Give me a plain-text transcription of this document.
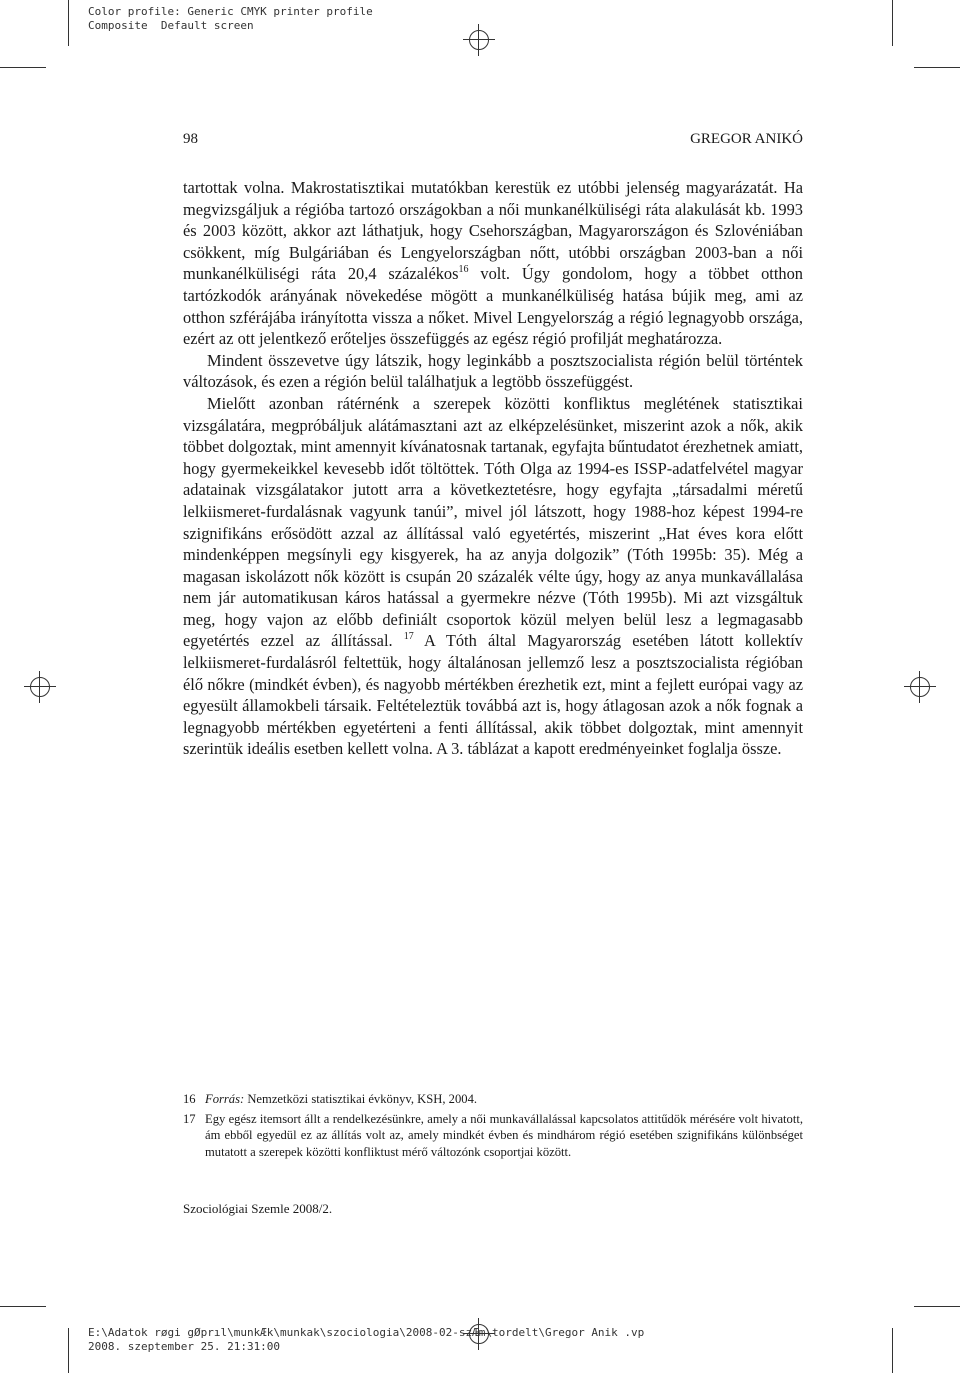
Color profile: Generic CMYK printer profile
Composite  Default screen
98	GREGOR ANIKÓ

tartottak volna. Makrostatisztikai mutatókban kerestük ez utóbbi jelenség magyarázatát. Ha megvizsgáljuk a régióba tartozó országokban a női munkanélküliségi ráta alakulását kb. 1993 és 2003 között, akkor azt láthatjuk, hogy Csehországban, Magyarországon és Szlovéniában csökkent, míg Bulgáriában és Lengyelországban nőtt, utóbbi országban 2003-ban a női munkanélküliségi ráta 20,4 százalékos$^{16}$ volt. Úgy gondolom, hogy a többet otthon tartózkodók arányának növekedése mögött a munkanélküliség hatása bújik meg, ami az otthon szférájába irányította vissza a nőket. Mivel Lengyelország a régió legnagyobb országa, ezért az ott jelentkező erőteljes összefüggés az egész régió profilját meghatározza.

Mindent összevetve úgy látszik, hogy leginkább a posztszocialista régión belül történtek változások, és ezen a régión belül találhatjuk a legtöbb összefüggést.

Mielőtt azonban rátérnénk a szerepek közötti konfliktus meglétének statisztikai vizsgálatára, megpróbáljuk alátámasztani azt az elképzelésünket, miszerint azok a nők, akik többet dolgoztak, mint amennyit kívánatosnak tartanak, egyfajta bűntudatot érezhetnek amiatt, hogy gyermekeikkel kevesebb időt töltöttek. Tóth Olga az 1994-es ISSP-adatfelvétel magyar adatainak vizsgálatakor jutott arra a következtetésre, hogy egyfajta „társadalmi méretű lelkiismeret-furdalásnak vagyunk tanúi”, mivel jól látszott, hogy 1988-hoz képest 1994-re szignifikáns erősödött azzal az állítással való egyetértés, miszerint „Hat éves kora előtt mindenképpen megsínyli egy kisgyerek, ha az anyja dolgozik” (Tóth 1995b: 35). Még a magasan iskolázott nők között is csupán 20 százalék vélte úgy, hogy az anya munkavállalása nem jár automatikusan káros hatással a gyermekre nézve (Tóth 1995b). Mi azt vizsgáltuk meg, hogy vajon az előbb definiált csoportok közül melyen belül lesz a legmagasabb egyetértés ezzel az állítással. $^{17}$ A Tóth által Magyarország esetében látott kollektív lelkiismeret-furdalásról feltettük, hogy általánosan jellemző lesz a posztszocialista régióban élő nőkre (mindkét évben), és nagyobb mértékben érezhetik ezt, mint a fejlett európai vagy az egyesült államokbeli társaik. Feltételeztük továbbá azt is, hogy átlagosan azok a nők fognak a legnagyobb mértékben egyetérteni a fenti állítással, akik többet dolgoztak, mint amennyit szerintük ideális esetben kellett volna. A 3. táblázat a kapott eredményeinket foglalja össze.

16 Forrás: Nemzetközi statisztikai évkönyv, KSH, 2004.
17 Egy egész itemsort állt a rendelkezésünkre, amely a női munkavállalással kapcsolatos attitűdök mérésére volt hivatott, ám ebből egyedül ez az állítás volt az, amely mindkét évben és mindhárom régió esetében szignifikáns különbséget mutatott a szerepek közötti konfliktust mérő változónk csoportjai között.
Szociológiai Szemle 2008/2.
E:\Adatok røgi gØprıl\munkÆk\munkak\szociologia\2008-02-szÆm\tordelt\Gregor Anik .vp
2008. szeptember 25. 21:31:00
